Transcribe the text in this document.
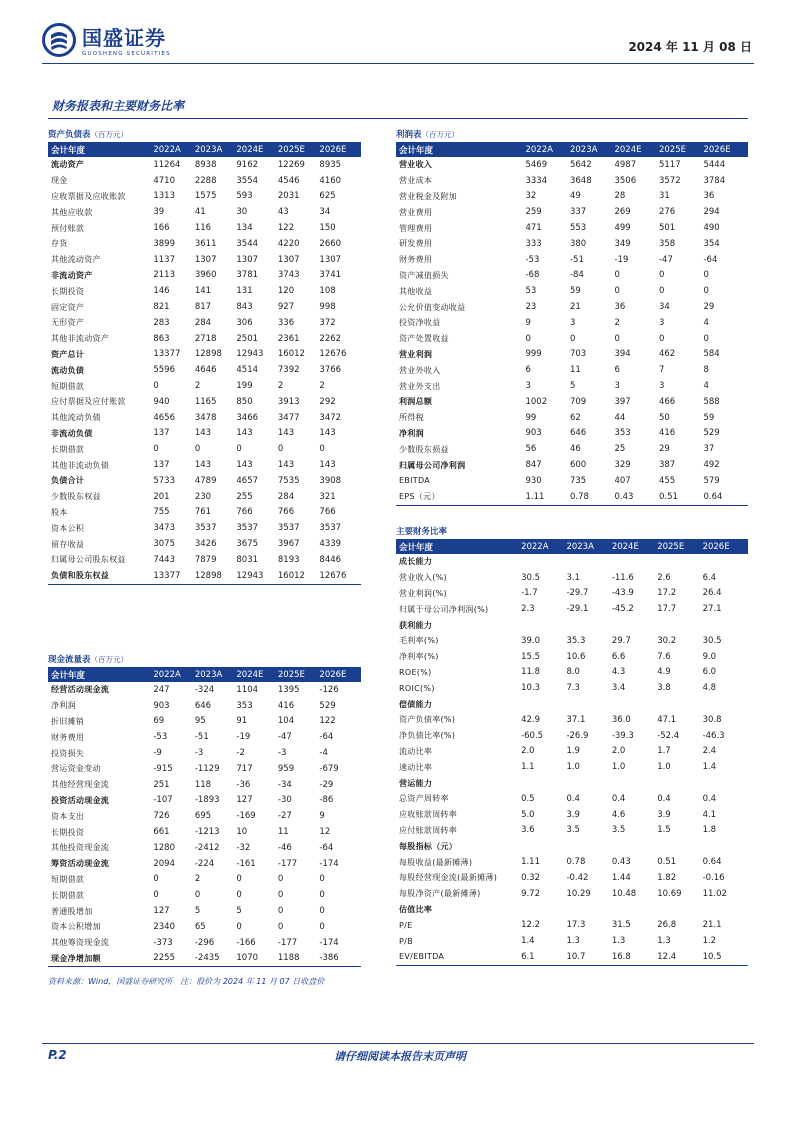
国盛证券
GUOSHENG SECURITIES	2024 年 11 月 08 日
财务报表和主要财务比率
资产负债表（百万元）
会计年度	2022A	2023A	2024E	2025E	2026E
流动资产	11264	8938	9162	12269	8935
现金	4710	2288	3554	4546	4160
应收票据及应收账款	1313	1575	593	2031	625
其他应收款	39	41	30	43	34
预付账款	166	116	134	122	150
存货	3899	3611	3544	4220	2660
其他流动资产	1137	1307	1307	1307	1307
非流动资产	2113	3960	3781	3743	3741
长期投资	146	141	131	120	108
固定资产	821	817	843	927	998
无形资产	283	284	306	336	372
其他非流动资产	863	2718	2501	2361	2262
资产总计	13377	12898	12943	16012	12676
流动负债	5596	4646	4514	7392	3766
短期借款	0	2	199	2	2
应付票据及应付账款	940	1165	850	3913	292
其他流动负债	4656	3478	3466	3477	3472
非流动负债	137	143	143	143	143
长期借款	0	0	0	0	0
其他非流动负债	137	143	143	143	143
负债合计	5733	4789	4657	7535	3908
少数股东权益	201	230	255	284	321
股本	755	761	766	766	766
资本公积	3473	3537	3537	3537	3537
留存收益	3075	3426	3675	3967	4339
归属母公司股东权益	7443	7879	8031	8193	8446
负债和股东权益	13377	12898	12943	16012	12676
利润表（百万元）
会计年度	2022A	2023A	2024E	2025E	2026E
营业收入	5469	5642	4987	5117	5444
营业成本	3334	3648	3506	3572	3784
营业税金及附加	32	49	28	31	36
营业费用	259	337	269	276	294
管理费用	471	553	499	501	490
研发费用	333	380	349	358	354
财务费用	-53	-51	-19	-47	-64
资产减值损失	-68	-84	0	0	0
其他收益	53	59	0	0	0
公允价值变动收益	23	21	36	34	29
投资净收益	9	3	2	3	4
资产处置收益	0	0	0	0	0
营业利润	999	703	394	462	584
营业外收入	6	11	6	7	8
营业外支出	3	5	3	3	4
利润总额	1002	709	397	466	588
所得税	99	62	44	50	59
净利润	903	646	353	416	529
少数股东损益	56	46	25	29	37
归属母公司净利润	847	600	329	387	492
EBITDA	930	735	407	455	579
EPS（元）	1.11	0.78	0.43	0.51	0.64
主要财务比率
会计年度	2022A	2023A	2024E	2025E	2026E
成长能力					
营业收入(%)	30.5	3.1	-11.6	2.6	6.4
营业利润(%)	-1.7	-29.7	-43.9	17.2	26.4
归属于母公司净利润(%)	2.3	-29.1	-45.2	17.7	27.1
获利能力					
毛利率(%)	39.0	35.3	29.7	30.2	30.5
净利率(%)	15.5	10.6	6.6	7.6	9.0
ROE(%)	11.8	8.0	4.3	4.9	6.0
ROIC(%)	10.3	7.3	3.4	3.8	4.8
偿债能力					
资产负债率(%)	42.9	37.1	36.0	47.1	30.8
净负债比率(%)	-60.5	-26.9	-39.3	-52.4	-46.3
流动比率	2.0	1.9	2.0	1.7	2.4
速动比率	1.1	1.0	1.0	1.0	1.4
营运能力					
总资产周转率	0.5	0.4	0.4	0.4	0.4
应收账款周转率	5.0	3.9	4.6	3.9	4.1
应付账款周转率	3.6	3.5	3.5	1.5	1.8
每股指标（元）					
每股收益(最新摊薄)	1.11	0.78	0.43	0.51	0.64
每股经营现金流(最新摊薄)	0.32	-0.42	1.44	1.82	-0.16
每股净资产(最新摊薄)	9.72	10.29	10.48	10.69	11.02
估值比率					
P/E	12.2	17.3	31.5	26.8	21.1
P/B	1.4	1.3	1.3	1.3	1.2
EV/EBITDA	6.1	10.7	16.8	12.4	10.5
现金流量表（百万元）
会计年度	2022A	2023A	2024E	2025E	2026E
经营活动现金流	247	-324	1104	1395	-126
净利润	903	646	353	416	529
折旧摊销	69	95	91	104	122
财务费用	-53	-51	-19	-47	-64
投资损失	-9	-3	-2	-3	-4
营运资金变动	-915	-1129	717	959	-679
其他经营现金流	251	118	-36	-34	-29
投资活动现金流	-107	-1893	127	-30	-86
资本支出	726	695	-169	-27	9
长期投资	661	-1213	10	11	12
其他投资现金流	1280	-2412	-32	-46	-64
筹资活动现金流	2094	-224	-161	-177	-174
短期借款	0	2	0	0	0
长期借款	0	0	0	0	0
普通股增加	127	5	5	0	0
资本公积增加	2340	65	0	0	0
其他筹资现金流	-373	-296	-166	-177	-174
现金净增加额	2255	-2435	1070	1188	-386
资料来源：Wind，国盛证券研究所　注：股价为 2024 年 11 月 07 日收盘价
P.2	请仔细阅读本报告末页声明
